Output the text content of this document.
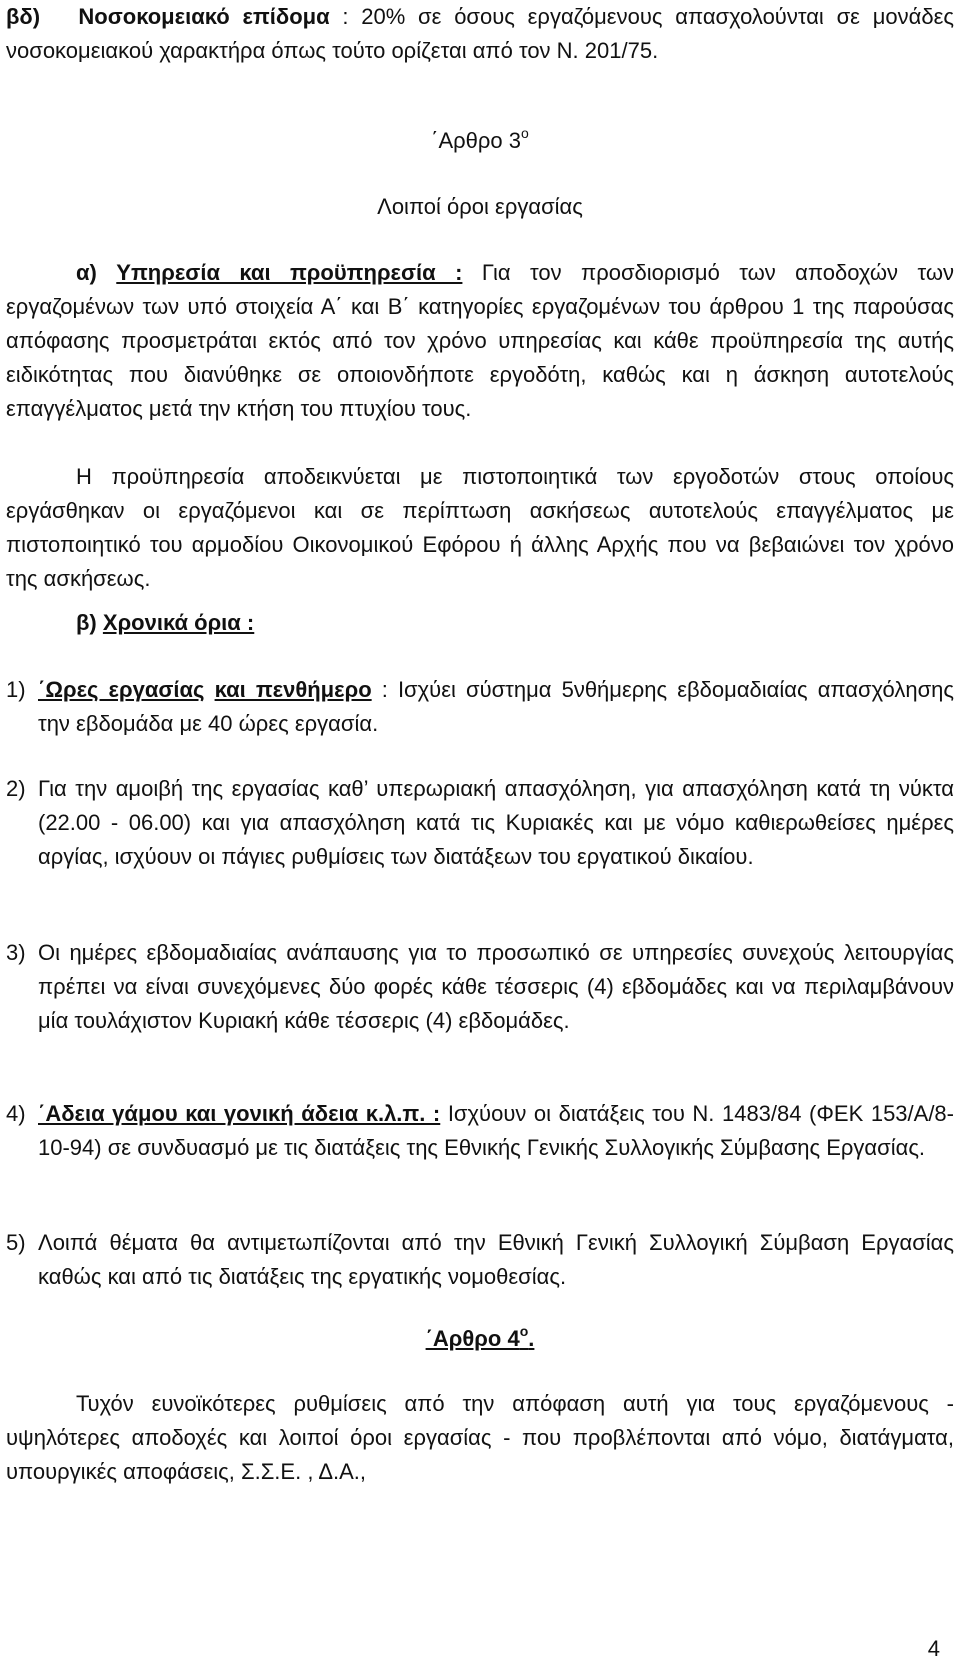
βδ) Νοσοκομειακό επίδομα : 20% σε όσους εργαζόμενους απασχολούνται σε μονάδες νοσοκομειακού χαρακτήρα όπως τούτο ορίζεται από τον Ν. 201/75.

΄Αρθρο $3^o$

Λοιποί όροι εργασίας

α) Υπηρεσία και προϋπηρεσία : Για τον προσδιορισμό των αποδοχών των εργαζομένων των υπό στοιχεία Α΄ και Β΄ κατηγορίες εργαζομένων του άρθρου 1 της παρούσας απόφασης προσμετράται εκτός από τον χρόνο υπηρεσίας και κάθε προϋπηρεσία της αυτής ειδικότητας που διανύθηκε σε οποιονδήποτε εργοδότη, καθώς και η άσκηση αυτοτελούς επαγγέλματος μετά την κτήση του πτυχίου τους.

Η προϋπηρεσία αποδεικνύεται με πιστοποιητικά των εργοδοτών στους οποίους εργάσθηκαν οι εργαζόμενοι και σε περίπτωση ασκήσεως αυτοτελούς επαγγέλματος με πιστοποιητικό του αρμοδίου Οικονομικού Εφόρου ή άλλης Αρχής που να βεβαιώνει τον χρόνο της ασκήσεως.

β) Χρονικά όρια :

1) ΄Ωρες εργασίας και πενθήμερο : Ισχύει σύστημα 5νθήμερης εβδομαδιαίας απασχόλησης την εβδομάδα με 40 ώρες εργασία.
2) Για την αμοιβή της εργασίας καθ’ υπερωριακή απασχόληση, για απασχόληση κατά τη νύκτα (22.00 - 06.00) και για απασχόληση κατά τις Κυριακές και με νόμο καθιερωθείσες ημέρες αργίας, ισχύουν οι πάγιες ρυθμίσεις των διατάξεων του εργατικού δικαίου.
3) Οι ημέρες εβδομαδιαίας ανάπαυσης για το προσωπικό σε υπηρεσίες συνεχούς λειτουργίας πρέπει να είναι συνεχόμενες δύο φορές κάθε τέσσερις (4) εβδομάδες και να περιλαμβάνουν μία τουλάχιστον Κυριακή κάθε τέσσερις (4) εβδομάδες.
4) ΄Αδεια γάμου και γονική άδεια κ.λ.π. : Ισχύουν οι διατάξεις του Ν. 1483/84 (ΦΕΚ 153/Α/8-10-94) σε συνδυασμό με τις διατάξεις της Εθνικής Γενικής Συλλογικής Σύμβασης Εργασίας.
5) Λοιπά θέματα θα αντιμετωπίζονται από την Εθνική Γενική Συλλογική Σύμβαση Εργασίας καθώς και από τις διατάξεις της εργατικής νομοθεσίας.

΄Αρθρο $4^o$.

Τυχόν ευνοϊκότερες ρυθμίσεις από την απόφαση αυτή για τους εργαζόμενους - υψηλότερες αποδοχές και λοιποί όροι εργασίας - που προβλέπονται από νόμο, διατάγματα, υπουργικές αποφάσεις, Σ.Σ.Ε. , Δ.Α.,

4
